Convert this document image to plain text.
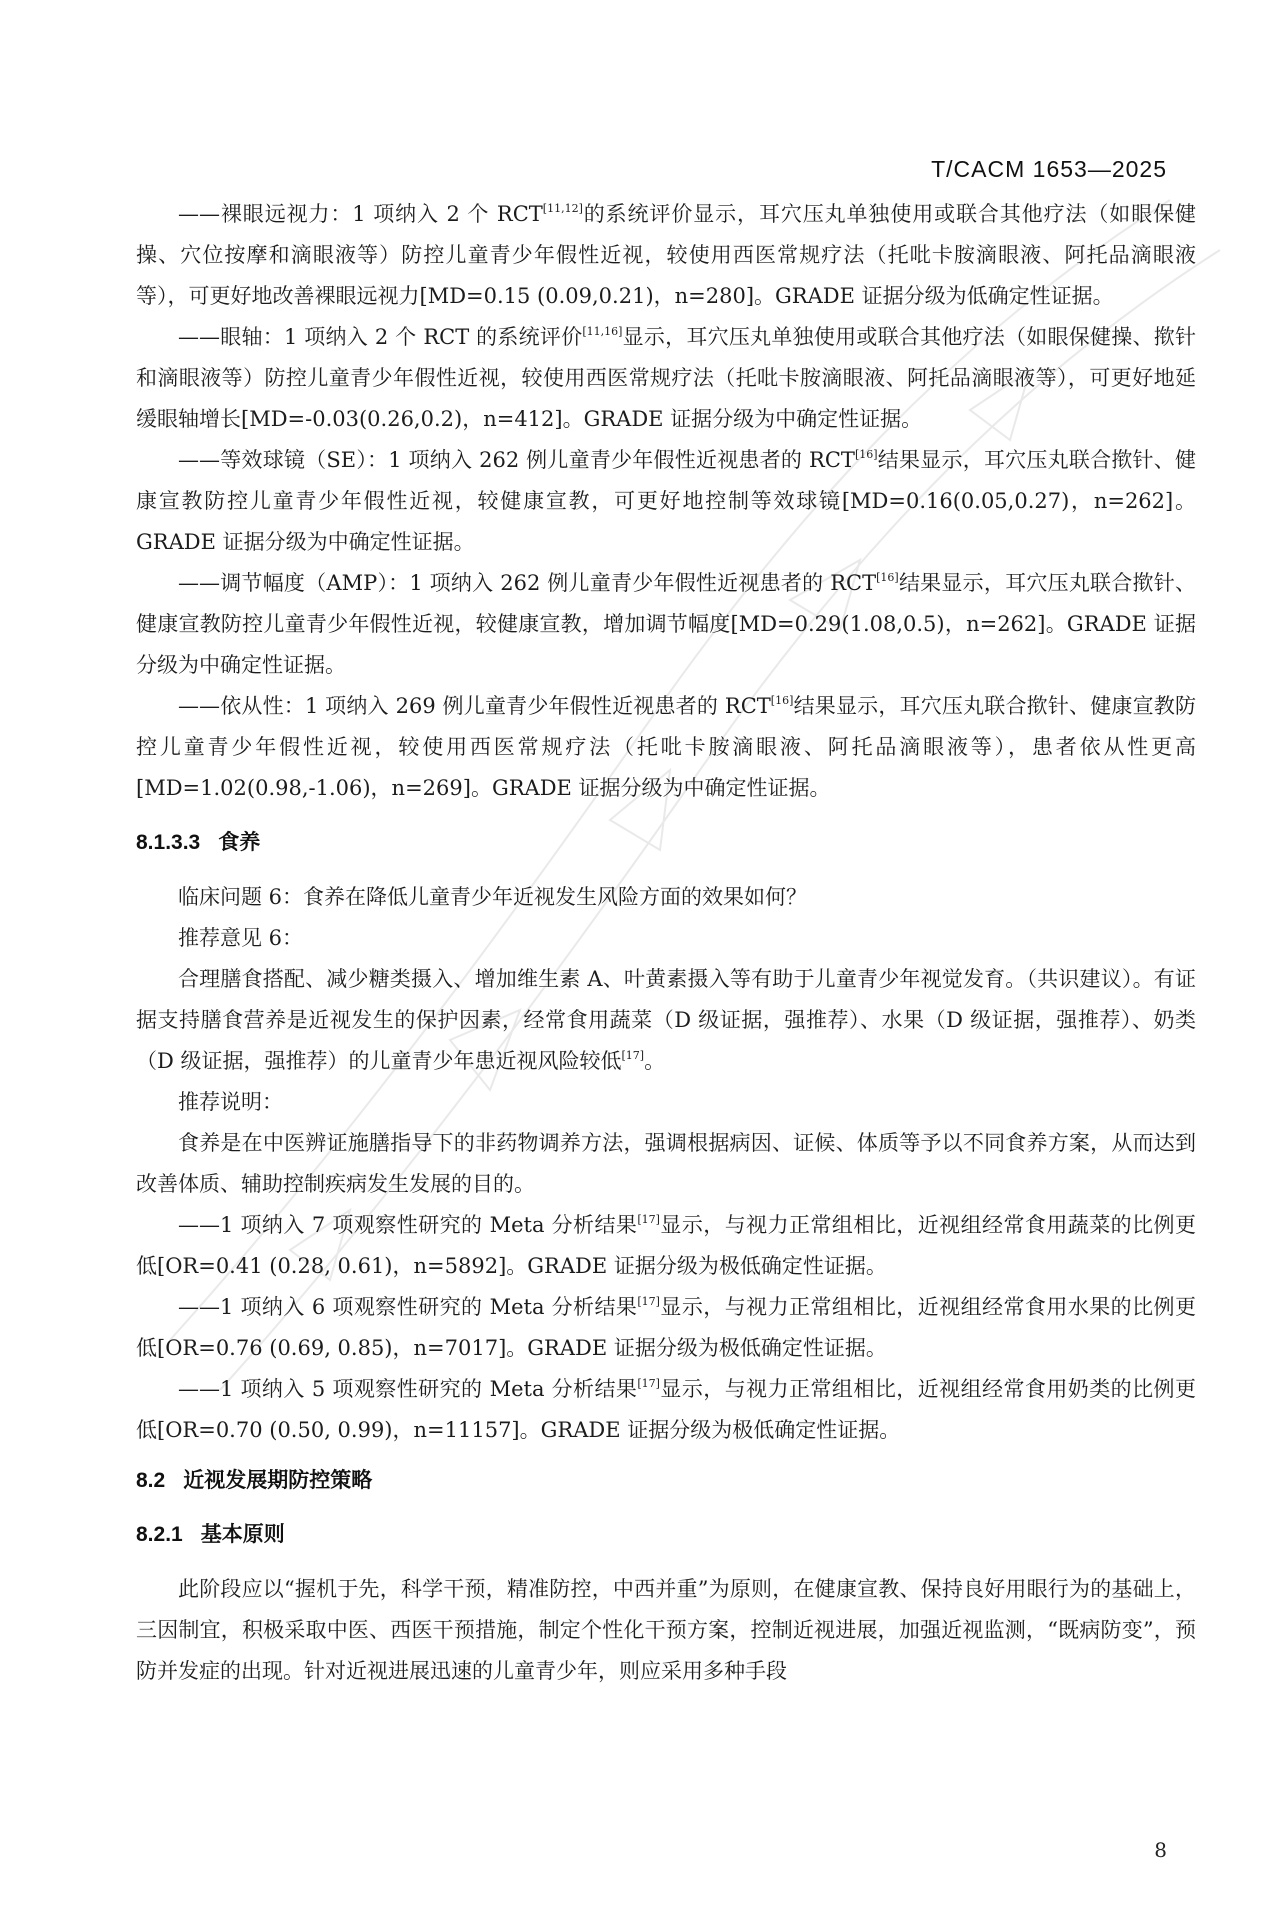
T/CACM 1653—2025

——裸眼远视力：1 项纳入 2 个 RCT[11,12]的系统评价显示，耳穴压丸单独使用或联合其他疗法（如眼保健操、穴位按摩和滴眼液等）防控儿童青少年假性近视，较使用西医常规疗法（托吡卡胺滴眼液、阿托品滴眼液等），可更好地改善裸眼远视力[MD=0.15 (0.09,0.21)，n=280]。GRADE 证据分级为低确定性证据。

——眼轴：1 项纳入 2 个 RCT 的系统评价[11,16]显示，耳穴压丸单独使用或联合其他疗法（如眼保健操、揿针和滴眼液等）防控儿童青少年假性近视，较使用西医常规疗法（托吡卡胺滴眼液、阿托品滴眼液等），可更好地延缓眼轴增长[MD=-0.03(0.26,0.2)，n=412]。GRADE 证据分级为中确定性证据。

——等效球镜（SE）：1 项纳入 262 例儿童青少年假性近视患者的 RCT[16]结果显示，耳穴压丸联合揿针、健康宣教防控儿童青少年假性近视，较健康宣教，可更好地控制等效球镜[MD=0.16(0.05,0.27)，n=262]。GRADE 证据分级为中确定性证据。

——调节幅度（AMP）：1 项纳入 262 例儿童青少年假性近视患者的 RCT[16]结果显示，耳穴压丸联合揿针、健康宣教防控儿童青少年假性近视，较健康宣教，增加调节幅度[MD=0.29(1.08,0.5)，n=262]。GRADE 证据分级为中确定性证据。

——依从性：1 项纳入 269 例儿童青少年假性近视患者的 RCT[16]结果显示，耳穴压丸联合揿针、健康宣教防控儿童青少年假性近视，较使用西医常规疗法（托吡卡胺滴眼液、阿托品滴眼液等），患者依从性更高[MD=1.02(0.98,-1.06)，n=269]。GRADE 证据分级为中确定性证据。

8.1.3.3 食养

临床问题 6：食养在降低儿童青少年近视发生风险方面的效果如何？

推荐意见 6：

合理膳食搭配、减少糖类摄入、增加维生素 A、叶黄素摄入等有助于儿童青少年视觉发育。（共识建议）。有证据支持膳食营养是近视发生的保护因素，经常食用蔬菜（D 级证据，强推荐）、水果（D 级证据，强推荐）、奶类（D 级证据，强推荐）的儿童青少年患近视风险较低[17]。

推荐说明：

食养是在中医辨证施膳指导下的非药物调养方法，强调根据病因、证候、体质等予以不同食养方案，从而达到改善体质、辅助控制疾病发生发展的目的。

——1 项纳入 7 项观察性研究的 Meta 分析结果[17]显示，与视力正常组相比，近视组经常食用蔬菜的比例更低[OR=0.41 (0.28, 0.61)，n=5892]。GRADE 证据分级为极低确定性证据。

——1 项纳入 6 项观察性研究的 Meta 分析结果[17]显示，与视力正常组相比，近视组经常食用水果的比例更低[OR=0.76 (0.69, 0.85)，n=7017]。GRADE 证据分级为极低确定性证据。

——1 项纳入 5 项观察性研究的 Meta 分析结果[17]显示，与视力正常组相比，近视组经常食用奶类的比例更低[OR=0.70 (0.50, 0.99)，n=11157]。GRADE 证据分级为极低确定性证据。

8.2 近视发展期防控策略
8.2.1 基本原则

此阶段应以“握机于先，科学干预，精准防控，中西并重”为原则，在健康宣教、保持良好用眼行为的基础上，三因制宜，积极采取中医、西医干预措施，制定个性化干预方案，控制近视进展，加强近视监测，“既病防变”，预防并发症的出现。针对近视进展迅速的儿童青少年，则应采用多种手段

8
